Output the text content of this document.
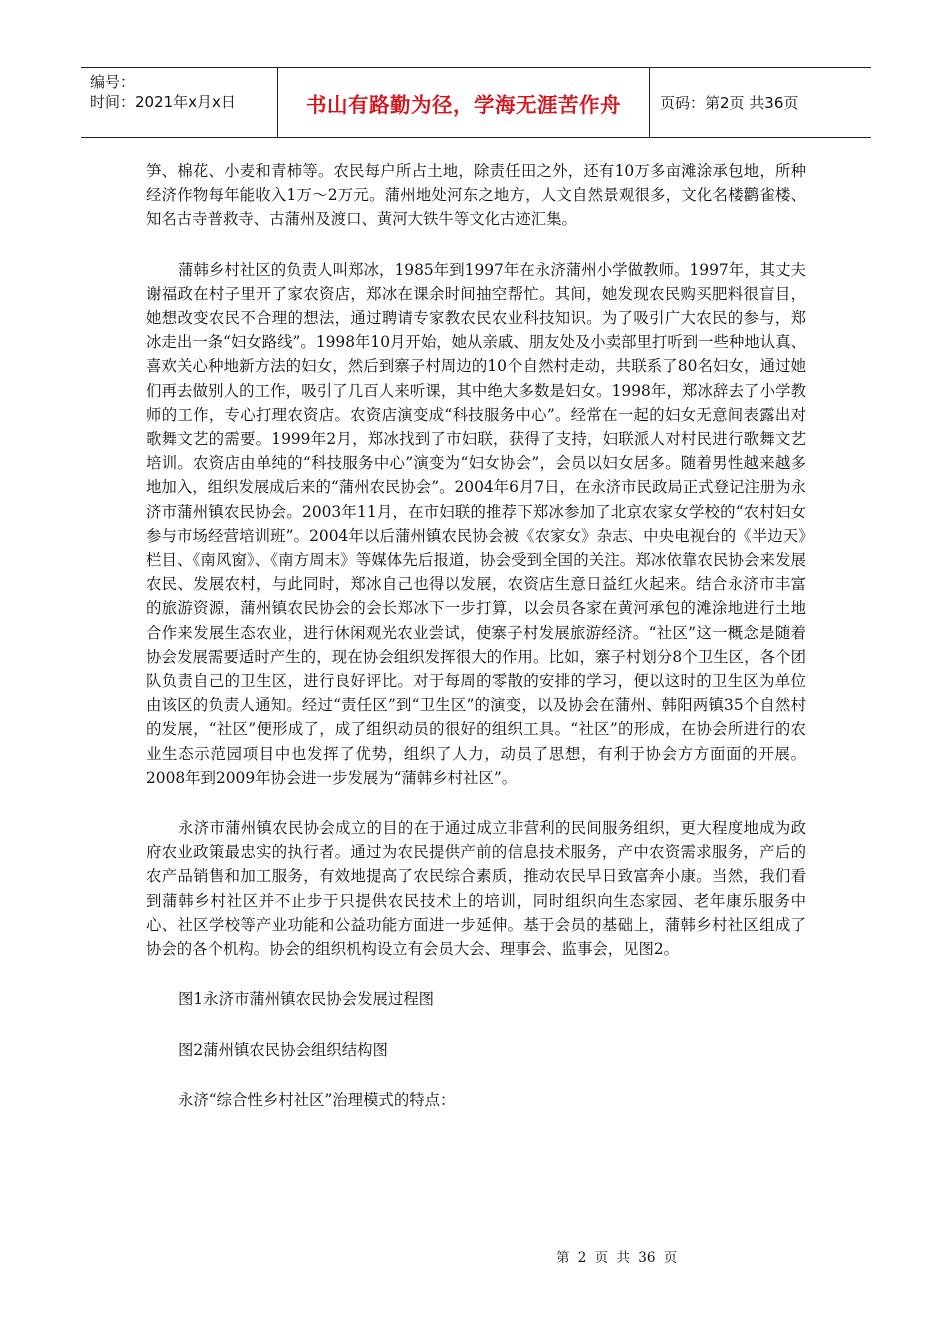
编号：
时间：2021年x月x日	书山有路勤为径，学海无涯苦作舟	页码：第2页 共36页

笋、棉花、小麦和青柿等。农民每户所占土地，除责任田之外，还有10万多亩滩涂承包地，所种经济作物每年能收入1万～2万元。蒲州地处河东之地方，人文自然景观很多，文化名楼鹳雀楼、知名古寺普救寺、古蒲州及渡口、黄河大铁牛等文化古迹汇集。

蒲韩乡村社区的负责人叫郑冰，1985年到1997年在永济蒲州小学做教师。1997年，其丈夫谢福政在村子里开了家农资店，郑冰在课余时间抽空帮忙。其间，她发现农民购买肥料很盲目，她想改变农民不合理的想法，通过聘请专家教农民农业科技知识。为了吸引广大农民的参与，郑冰走出一条“妇女路线”。1998年10月开始，她从亲戚、朋友处及小卖部里打听到一些种地认真、喜欢关心种地新方法的妇女，然后到寨子村周边的10个自然村走动，共联系了80名妇女，通过她们再去做别人的工作，吸引了几百人来听课，其中绝大多数是妇女。1998年，郑冰辞去了小学教师的工作，专心打理农资店。农资店演变成“科技服务中心”。经常在一起的妇女无意间表露出对歌舞文艺的需要。1999年2月，郑冰找到了市妇联，获得了支持，妇联派人对村民进行歌舞文艺培训。农资店由单纯的“科技服务中心”演变为“妇女协会”，会员以妇女居多。随着男性越来越多地加入，组织发展成后来的“蒲州农民协会”。2004年6月7日，在永济市民政局正式登记注册为永济市蒲州镇农民协会。2003年11月，在市妇联的推荐下郑冰参加了北京农家女学校的“农村妇女参与市场经营培训班”。2004年以后蒲州镇农民协会被《农家女》杂志、中央电视台的《半边天》栏目、《南风窗》、《南方周末》等媒体先后报道，协会受到全国的关注。郑冰依靠农民协会来发展农民、发展农村，与此同时，郑冰自己也得以发展，农资店生意日益红火起来。结合永济市丰富的旅游资源，蒲州镇农民协会的会长郑冰下一步打算，以会员各家在黄河承包的滩涂地进行土地合作来发展生态农业，进行休闲观光农业尝试，使寨子村发展旅游经济。“社区”这一概念是随着协会发展需要适时产生的，现在协会组织发挥很大的作用。比如，寨子村划分8个卫生区，各个团队负责自己的卫生区，进行良好评比。对于每周的零散的安排的学习，便以这时的卫生区为单位由该区的负责人通知。经过“责任区”到“卫生区”的演变，以及协会在蒲州、韩阳两镇35个自然村的发展，“社区”便形成了，成了组织动员的很好的组织工具。“社区”的形成，在协会所进行的农业生态示范园项目中也发挥了优势，组织了人力，动员了思想，有利于协会方方面面的开展。2008年到2009年协会进一步发展为“蒲韩乡村社区”。

永济市蒲州镇农民协会成立的目的在于通过成立非营利的民间服务组织，更大程度地成为政府农业政策最忠实的执行者。通过为农民提供产前的信息技术服务，产中农资需求服务，产后的农产品销售和加工服务，有效地提高了农民综合素质，推动农民早日致富奔小康。当然，我们看到蒲韩乡村社区并不止步于只提供农民技术上的培训，同时组织向生态家园、老年康乐服务中心、社区学校等产业功能和公益功能方面进一步延伸。基于会员的基础上，蒲韩乡村社区组成了协会的各个机构。协会的组织机构设立有会员大会、理事会、监事会，见图2。

图1永济市蒲州镇农民协会发展过程图

图2蒲州镇农民协会组织结构图

永济“综合性乡村社区”治理模式的特点：

第 2 页 共 36 页
